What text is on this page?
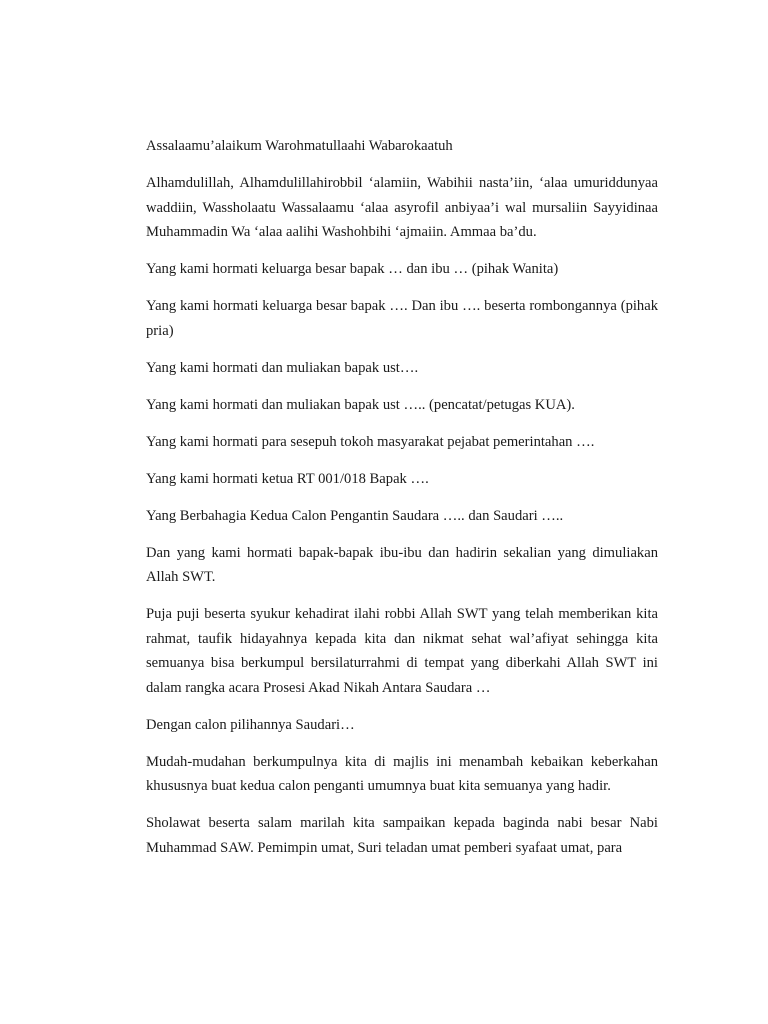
Assalaamu’alaikum Warohmatullaahi Wabarokaatuh

Alhamdulillah, Alhamdulillahirobbil ‘alamiin, Wabihii nasta’iin, ‘alaa umuriddunyaa waddiin, Wassholaatu Wassalaamu ‘alaa asyrofil anbiyaa’i wal mursaliin Sayyidinaa Muhammadin Wa ‘alaa aalihi Washohbihi ‘ajmaiin. Ammaa ba’du.

Yang kami hormati keluarga besar bapak … dan ibu … (pihak Wanita)

Yang kami hormati keluarga besar bapak …. Dan ibu …. beserta rombongannya (pihak pria)

Yang kami hormati dan muliakan bapak ust….

Yang kami hormati dan muliakan bapak ust ….. (pencatat/petugas KUA).

Yang kami hormati para sesepuh tokoh masyarakat pejabat pemerintahan ….

Yang kami hormati ketua RT 001/018 Bapak ….

Yang Berbahagia Kedua Calon Pengantin Saudara ….. dan Saudari …..

Dan yang kami hormati bapak-bapak ibu-ibu dan hadirin sekalian yang dimuliakan Allah SWT.

Puja puji beserta syukur kehadirat ilahi robbi Allah SWT yang telah memberikan kita rahmat, taufik hidayahnya kepada kita dan nikmat sehat wal’afiyat sehingga kita semuanya bisa berkumpul bersilaturrahmi di tempat yang diberkahi Allah SWT ini dalam rangka acara Prosesi Akad Nikah Antara Saudara …

Dengan calon pilihannya Saudari…

Mudah-mudahan berkumpulnya kita di majlis ini menambah kebaikan keberkahan khususnya buat kedua calon penganti umumnya buat kita semuanya yang hadir.

Sholawat beserta salam marilah kita sampaikan kepada baginda nabi besar Nabi Muhammad SAW. Pemimpin umat, Suri teladan umat pemberi syafaat umat, para
